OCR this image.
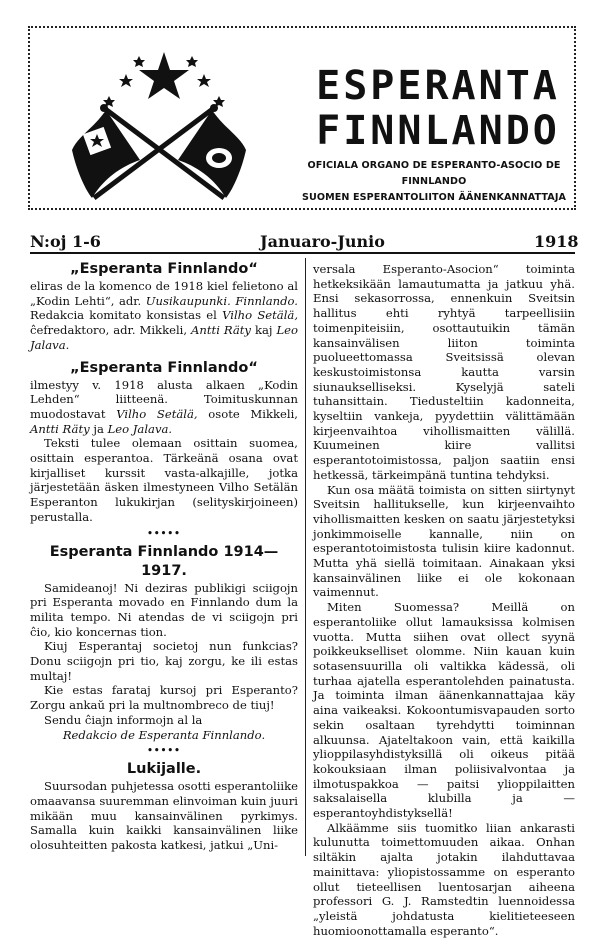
ESPERANTA
FINNLANDO
OFICIALA ORGANO DE ESPERANTO-ASOCIO DE FINNLANDO
SUOMEN ESPERANTOLIITON ÄÄNENKANNATTAJA
N:oj 1-6	Januaro-Junio	1918
„Esperanta Finnlando“

eliras de la komenco de 1918 kiel felietono al „Kodin Lehti“, adr. Uusikaupunki. Finnlando. Redakcia komitato konsistas el Vilho Setälä, ĉefredaktoro, adr. Mikkeli, Antti Räty kaj Leo Jalava.

„Esperanta Finnlando“

ilmestyy v. 1918 alusta alkaen „Kodin Lehden“ liitteenä. Toimituskunnan muodostavat Vilho Setälä, osote Mikkeli, Antti Räty ja Leo Jalava.

Teksti tulee olemaan osittain suomea, osittain esperantoa. Tärkeänä osana ovat kirjalliset kurssit vasta-alkajille, jotka järjestetään äsken ilmestyneen Vilho Setälän Esperanton lukukirjan (selityskirjoineen) perustalla.

•••••
Esperanta Finnlando 1914—1917.

Samideanoj! Ni deziras publikigi sciigojn pri Esperanta movado en Finnlando dum la milita tempo. Ni atendas de vi sciigojn pri ĉio, kio koncernas tion.

Kiuj Esperantaj societoj nun funkcias? Donu sciigojn pri tio, kaj zorgu, ke ili estas multaj!

Kie estas farataj kursoj pri Esperanto? Zorgu ankaŭ pri la multnombreco de tiuj!

Sendu ĉiajn informojn al la

Redakcio de Esperanta Finnlando.

•••••
Lukijalle.

Suursodan puhjetessa osotti esperantoliike omaavansa suuremman elinvoiman kuin juuri mikään muu kansainvälinen pyrkimys. Samalla kuin kaikki kansainvälinen liike olosuhteitten pakosta katkesi, jatkui „Uni-

versala Esperanto-Asocion“ toiminta hetkeksikään lamautumatta ja jatkuu yhä. Ensi sekasorrossa, ennenkuin Sveitsin hallitus ehti ryhtyä tarpeellisiin toimenpiteisiin, osottautuikin tämän kansainvälisen liiton toiminta puolueettomassa Sveitsissä olevan keskustoimistonsa kautta varsin siunaukselliseksi. Kyselyjä sateli tuhansittain. Tiedusteltiin kadonneita, kyseltiin vankeja, pyydettiin välittämään kirjeenvaihtoa vihollismaitten välillä. Kuumeinen kiire vallitsi esperantotoimistossa, paljon saatiin ensi hetkessä, tärkeimpänä tuntina tehdyksi.

Kun osa määtä toimista on sitten siirtynyt Sveitsin hallitukselle, kun kirjeenvaihto vihollismaitten kesken on saatu järjestetyksi jonkimmoiselle kannalle, niin on esperantotoimistosta tulisin kiire kadonnut. Mutta yhä siellä toimitaan. Ainakaan yksi kansainvälinen liike ei ole kokonaan vaimennut.

Miten Suomessa? Meillä on esperantoliike ollut lamauksissa kolmisen vuotta. Mutta siihen ovat ollect syynä poikkeukselliset olomme. Niin kauan kuin sotasensuurilla oli valtikka kädessä, oli turhaa ajatella esperantolehden painatusta. Ja toiminta ilman äänenkannattajaa käy aina vaikeaksi. Kokoontumisvapauden sorto sekin osaltaan tyrehdytti toiminnan alkuunsa. Ajateltakoon vain, että kaikilla ylioppilasyhdistyksillä oli oikeus pitää kokouksiaan ilman poliisivalvontaa ja ilmotuspakkoa — paitsi ylioppilaitten saksalaisella klubilla ja — esperantoyhdistyksellä!

Alkäämme siis tuomitko liian ankarasti kulunutta toimettomuuden aikaa. Onhan siltäkin ajalta jotakin ilahduttavaa mainittava: yliopistossamme on esperanto ollut tieteellisen luentosarjan aiheena professori G. J. Ramstedtin luennoidessa „yleistä johdatusta kielitieteeseen huomioonottamalla esperanto“.
